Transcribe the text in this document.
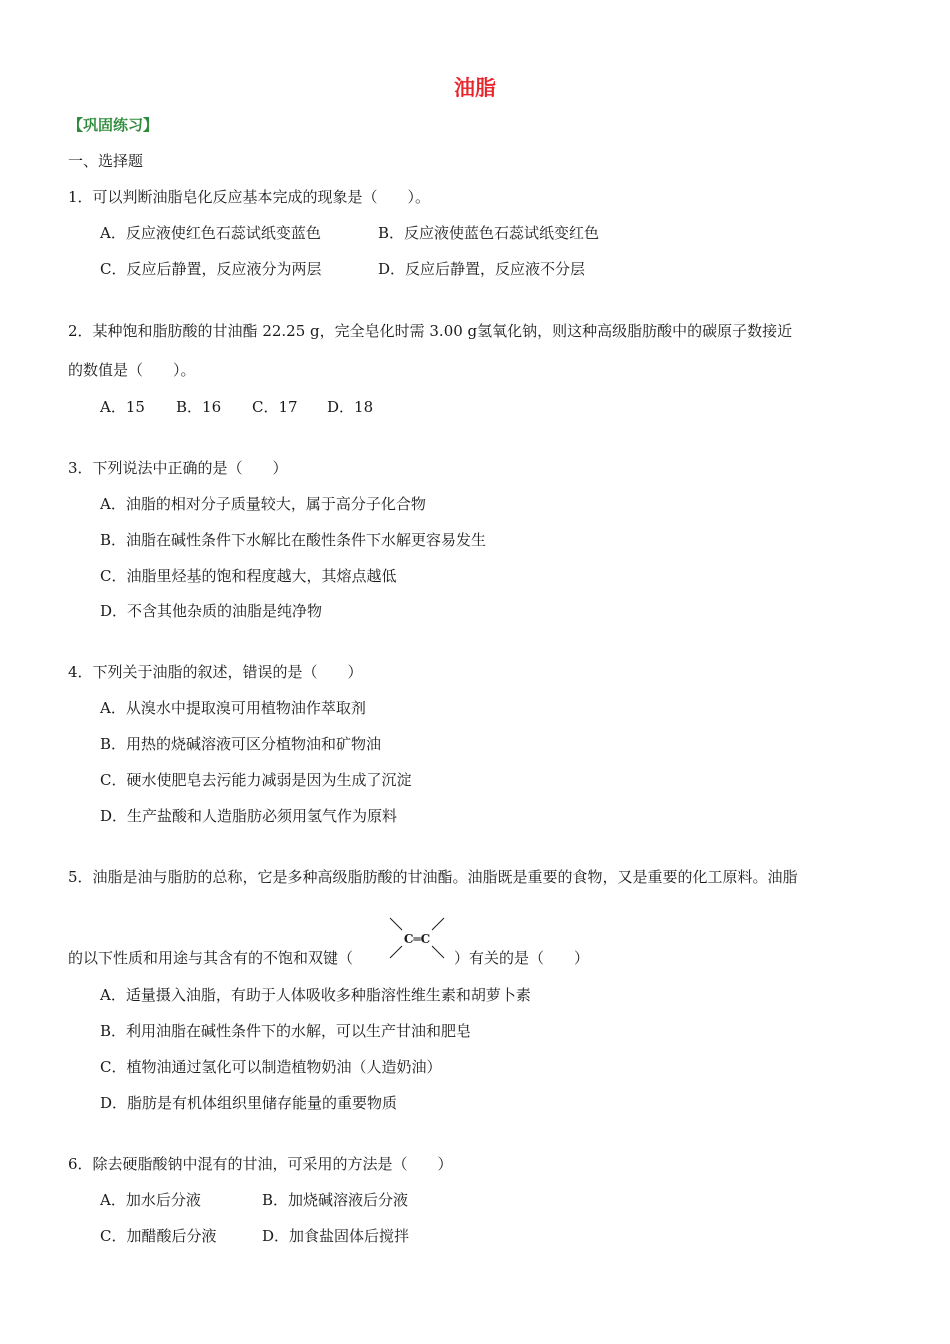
油脂
【巩固练习】
一、选择题
1．可以判断油脂皂化反应基本完成的现象是（　　）。
A．反应液使红色石蕊试纸变蓝色	B．反应液使蓝色石蕊试纸变红色
C．反应后静置，反应液分为两层	D．反应后静置，反应液不分层
2．某种饱和脂肪酸的甘油酯 22.25 g，完全皂化时需 3.00 g氢氧化钠，则这种高级脂肪酸中的碳原子数接近
的数值是（　　）。
A．15 B．16 C．17 D．18
3．下列说法中正确的是（　　）
A．油脂的相对分子质量较大，属于高分子化合物
B．油脂在碱性条件下水解比在酸性条件下水解更容易发生
C．油脂里烃基的饱和程度越大，其熔点越低
D．不含其他杂质的油脂是纯净物
4．下列关于油脂的叙述，错误的是（　　）
A．从溴水中提取溴可用植物油作萃取剂
B．用热的烧碱溶液可区分植物油和矿物油
C．硬水使肥皂去污能力减弱是因为生成了沉淀
D．生产盐酸和人造脂肪必须用氢气作为原料
5．油脂是油与脂肪的总称，它是多种高级脂肪酸的甘油酯。油脂既是重要的食物，又是重要的化工原料。油脂
的以下性质和用途与其含有的不饱和双键（
C═C
）有关的是（　　）
A．适量摄入油脂，有助于人体吸收多种脂溶性维生素和胡萝卜素
B．利用油脂在碱性条件下的水解，可以生产甘油和肥皂
C．植物油通过氢化可以制造植物奶油（人造奶油）
D．脂肪是有机体组织里储存能量的重要物质
6．除去硬脂酸钠中混有的甘油，可采用的方法是（　　）
A．加水后分液	B．加烧碱溶液后分液
C．加醋酸后分液	D．加食盐固体后搅拌
